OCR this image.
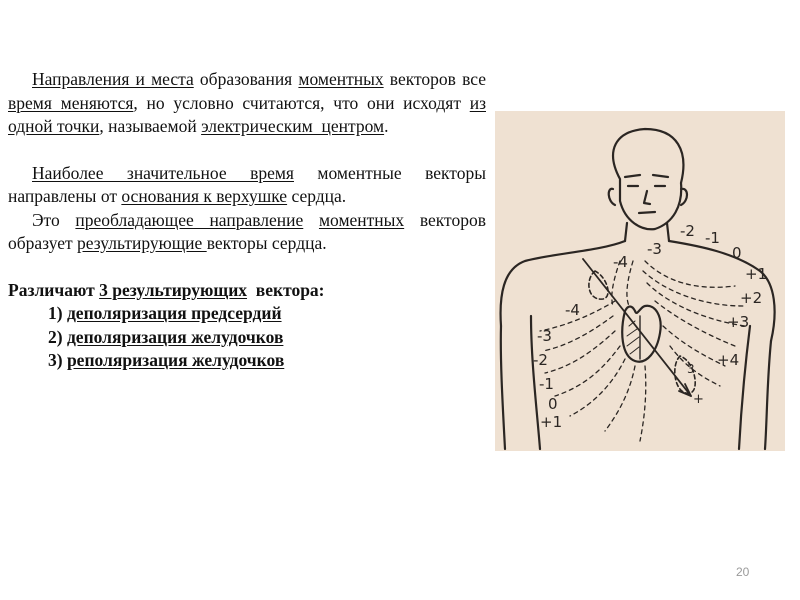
Направления и места образования моментных векторов все время меняются, но условно считаются, что они исходят из одной точки, называемой электрическим  центром.

Наиболее значительное время моментные векторы направлены от основания к верхушке сердца.

Это преобладающее направление моментных векторов образует результирующие векторы сердца.

Различают 3 результирующих  вектора:

1) деполяризация предсердий
2) деполяризация желудочков
3) реполяризация желудочков
-2 -1
0
+1
+2
+3
+4
-4
-3
-4
-3
-2
-1
0
+1
3
+
20
